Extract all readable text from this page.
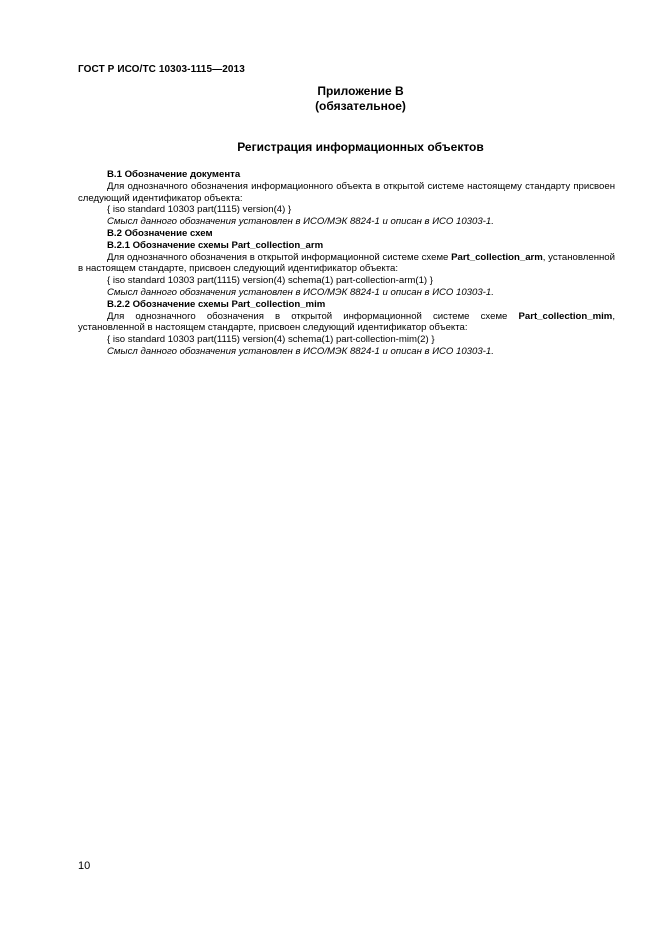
ГОСТ Р ИСО/ТС 10303-1115—2013
Приложение В
(обязательное)
Регистрация информационных объектов

В.1 Обозначение документа

Для однозначного обозначения информационного объекта в открытой системе настоящему стандарту присвоен следующий идентификатор объекта:

{ iso standard 10303 part(1115) version(4) }

Смысл данного обозначения установлен в ИСО/МЭК 8824-1 и описан в ИСО 10303-1.

В.2 Обозначение схем

В.2.1 Обозначение схемы Part_collection_arm

Для однозначного обозначения в открытой информационной системе схеме Part_collection_arm, установленной в настоящем стандарте, присвоен следующий идентификатор объекта:

{ iso standard 10303 part(1115) version(4) schema(1) part-collection-arm(1) }

Смысл данного обозначения установлен в ИСО/МЭК 8824-1 и описан в ИСО 10303-1.

В.2.2 Обозначение схемы Part_collection_mim

Для однозначного обозначения в открытой информационной системе схеме Part_collection_mim, установленной в настоящем стандарте, присвоен следующий идентификатор объекта:

{ iso standard 10303 part(1115) version(4) schema(1) part-collection-mim(2) }

Смысл данного обозначения установлен в ИСО/МЭК 8824-1 и описан в ИСО 10303-1.

10
